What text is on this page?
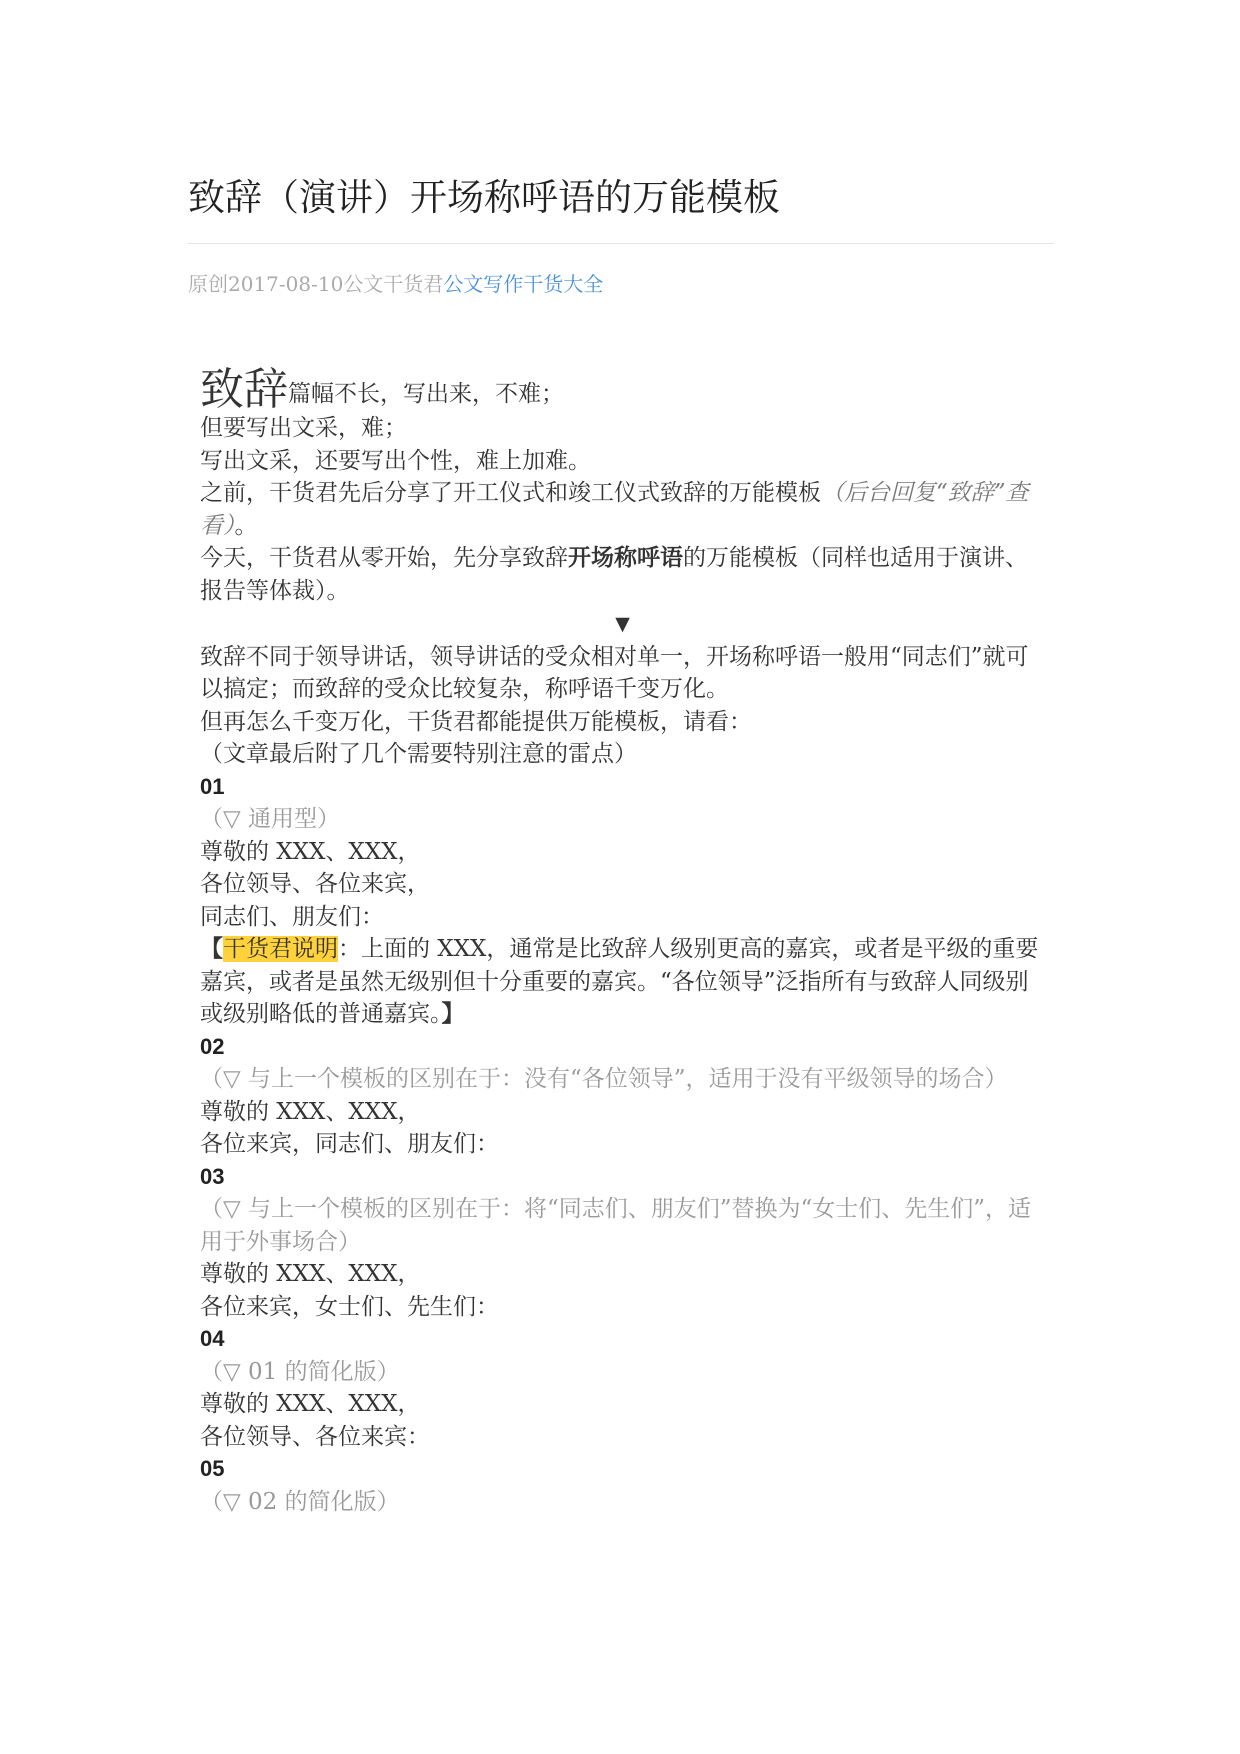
致辞（演讲）开场称呼语的万能模板
原创2017-08-10公文干货君公文写作干货大全

致辞篇幅不长，写出来，不难；

但要写出文采，难；

写出文采，还要写出个性，难上加难。

之前，干货君先后分享了开工仪式和竣工仪式致辞的万能模板（后台回复“致辞”查看）。

今天，干货君从零开始，先分享致辞开场称呼语的万能模板（同样也适用于演讲、报告等体裁）。

▼

致辞不同于领导讲话，领导讲话的受众相对单一，开场称呼语一般用“同志们”就可以搞定；而致辞的受众比较复杂，称呼语千变万化。

但再怎么千变万化，干货君都能提供万能模板，请看：

（文章最后附了几个需要特别注意的雷点）

01

（▽ 通用型）

尊敬的 XXX、XXX，

各位领导、各位来宾，

同志们、朋友们：

【干货君说明：上面的 XXX，通常是比致辞人级别更高的嘉宾，或者是平级的重要嘉宾，或者是虽然无级别但十分重要的嘉宾。“各位领导”泛指所有与致辞人同级别或级别略低的普通嘉宾。】

02

（▽ 与上一个模板的区别在于：没有“各位领导”，适用于没有平级领导的场合）

尊敬的 XXX、XXX，

各位来宾，同志们、朋友们：

03

（▽ 与上一个模板的区别在于：将“同志们、朋友们”替换为“女士们、先生们”，适用于外事场合）

尊敬的 XXX、XXX，

各位来宾，女士们、先生们：

04

（▽ 01 的简化版）

尊敬的 XXX、XXX，

各位领导、各位来宾：

05

（▽ 02 的简化版）
